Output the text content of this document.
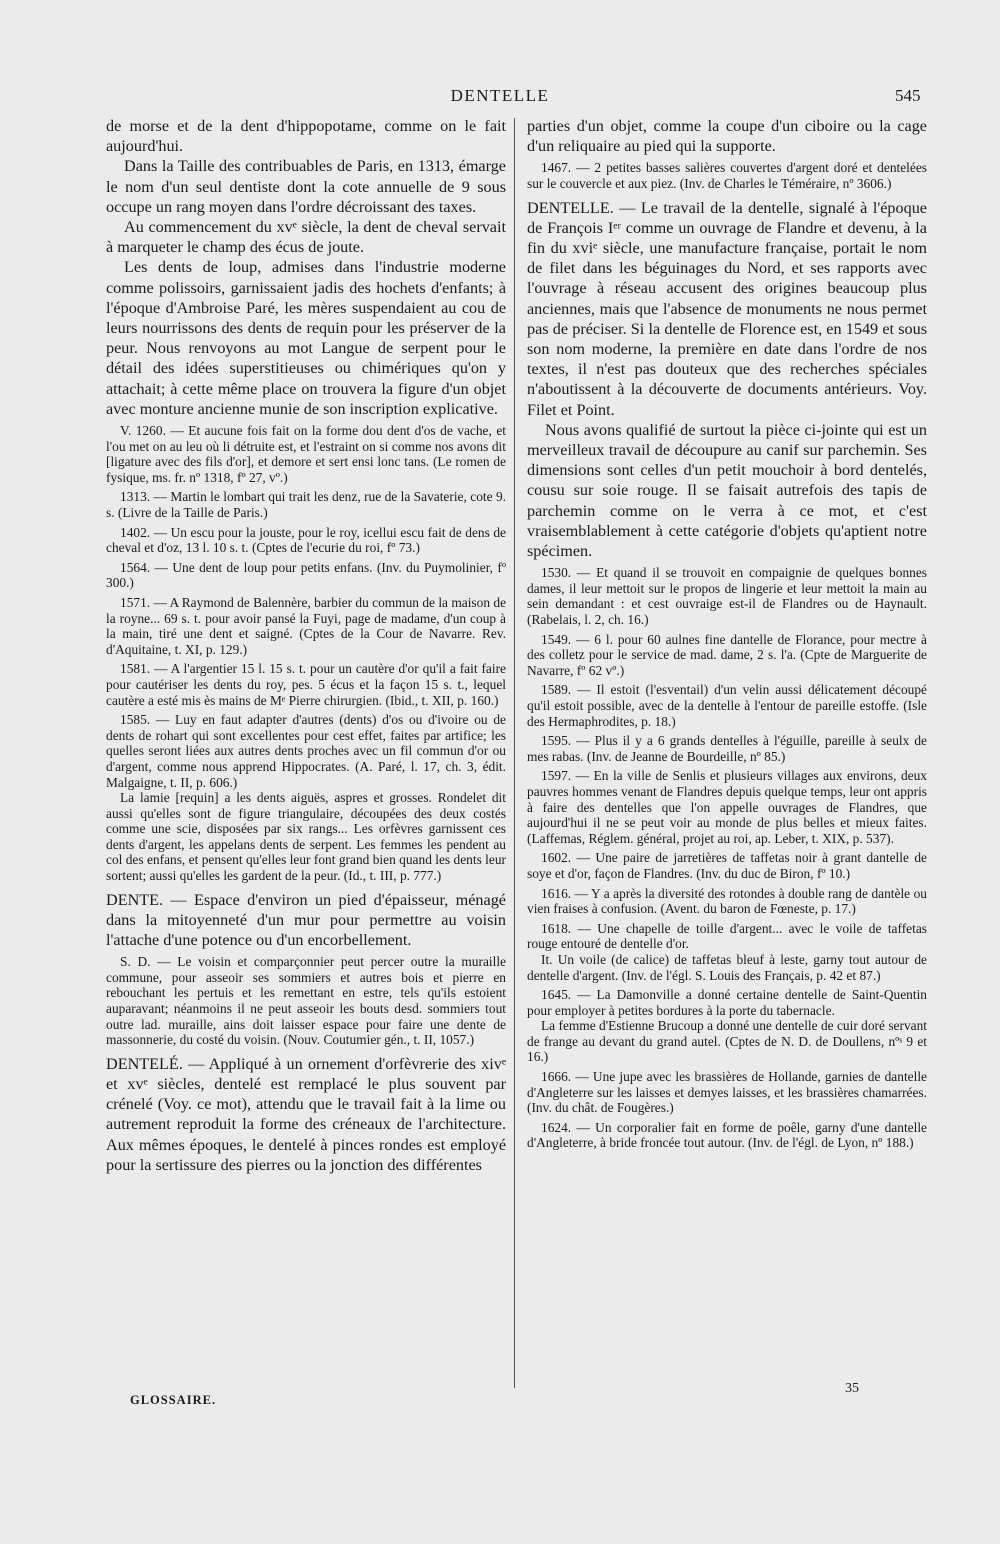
DENTELLE	545

de morse et de la dent d'hippopotame, comme on le fait aujourd'hui.

Dans la Taille des contribuables de Paris, en 1313, émarge le nom d'un seul dentiste dont la cote annuelle de 9 sous occupe un rang moyen dans l'ordre décroissant des taxes.

Au commencement du xvᵉ siècle, la dent de cheval servait à marqueter le champ des écus de joute.

Les dents de loup, admises dans l'industrie moderne comme polissoirs, garnissaient jadis des hochets d'enfants; à l'époque d'Ambroise Paré, les mères suspendaient au cou de leurs nourrissons des dents de requin pour les préserver de la peur. Nous renvoyons au mot Langue de serpent pour le détail des idées superstitieuses ou chimériques qu'on y attachait; à cette même place on trouvera la figure d'un objet avec monture ancienne munie de son inscription explicative.

V. 1260. — Et aucune fois fait on la forme dou dent d'os de vache, et l'ou met on au leu où li détruite est, et l'estraint on si comme nos avons dit [ligature avec des fils d'or], et demore et sert ensi lonc tans. (Le romen de fysique, ms. fr. nº 1318, fº 27, vº.)

1313. — Martin le lombart qui trait les denz, rue de la Savaterie, cote 9. s. (Livre de la Taille de Paris.)

1402. — Un escu pour la jouste, pour le roy, icellui escu fait de dens de cheval et d'oz, 13 l. 10 s. t. (Cptes de l'ecurie du roi, fº 73.)

1564. — Une dent de loup pour petits enfans. (Inv. du Puymolinier, fº 300.)

1571. — A Raymond de Balennère, barbier du commun de la maison de la royne... 69 s. t. pour avoir pansé la Fuyi, page de madame, d'un coup à la main, tiré une dent et saigné. (Cptes de la Cour de Navarre. Rev. d'Aquitaine, t. XI, p. 129.)

1581. — A l'argentier 15 l. 15 s. t. pour un cautère d'or qu'il a fait faire pour cautériser les dents du roy, pes. 5 écus et la façon 15 s. t., lequel cautère a esté mis ès mains de Mᵉ Pierre chirurgien. (Ibid., t. XII, p. 160.)

1585. — Luy en faut adapter d'autres (dents) d'os ou d'ivoire ou de dents de rohart qui sont excellentes pour cest effet, faites par artifice; les quelles seront liées aux autres dents proches avec un fil commun d'or ou d'argent, comme nous apprend Hippocrates. (A. Paré, l. 17, ch. 3, édit. Malgaigne, t. II, p. 606.)

La lamie [requin] a les dents aiguës, aspres et grosses. Rondelet dit aussi qu'elles sont de figure triangulaire, découpées des deux costés comme une scie, disposées par six rangs... Les orfèvres garnissent ces dents d'argent, les appelans dents de serpent. Les femmes les pendent au col des enfans, et pensent qu'elles leur font grand bien quand les dents leur sortent; aussi qu'elles les gardent de la peur. (Id., t. III, p. 777.)

DENTE. — Espace d'environ un pied d'épaisseur, ménagé dans la mitoyenneté d'un mur pour permettre au voisin l'attache d'une potence ou d'un encorbellement.

S. D. — Le voisin et comparçonnier peut percer outre la muraille commune, pour asseoir ses sommiers et autres bois et pierre en rebouchant les pertuis et les remettant en estre, tels qu'ils estoient auparavant; néanmoins il ne peut asseoir les bouts desd. sommiers tout outre lad. muraille, ains doit laisser espace pour faire une dente de massonnerie, du costé du voisin. (Nouv. Coutumier gén., t. II, 1057.)

DENTELÉ. — Appliqué à un ornement d'orfèvrerie des xivᵉ et xvᵉ siècles, dentelé est remplacé le plus souvent par crénelé (Voy. ce mot), attendu que le travail fait à la lime ou autrement reproduit la forme des créneaux de l'architecture. Aux mêmes époques, le dentelé à pinces rondes est employé pour la sertissure des pierres ou la jonction des différentes

parties d'un objet, comme la coupe d'un ciboire ou la cage d'un reliquaire au pied qui la supporte.

1467. — 2 petites basses salières couvertes d'argent doré et dentelées sur le couvercle et aux piez. (Inv. de Charles le Téméraire, nº 3606.)

DENTELLE. — Le travail de la dentelle, signalé à l'époque de François Iᵉʳ comme un ouvrage de Flandre et devenu, à la fin du xviᵉ siècle, une manufacture française, portait le nom de filet dans les béguinages du Nord, et ses rapports avec l'ouvrage à réseau accusent des origines beaucoup plus anciennes, mais que l'absence de monuments ne nous permet pas de préciser. Si la dentelle de Florence est, en 1549 et sous son nom moderne, la première en date dans l'ordre de nos textes, il n'est pas douteux que des recherches spéciales n'aboutissent à la découverte de documents antérieurs. Voy. Filet et Point.

Nous avons qualifié de surtout la pièce ci-jointe qui est un merveilleux travail de découpure au canif sur parchemin. Ses dimensions sont celles d'un petit mouchoir à bord dentelés, cousu sur soie rouge. Il se faisait autrefois des tapis de parchemin comme on le verra à ce mot, et c'est vraisemblablement à cette catégorie d'objets qu'aptient notre spécimen.

1530. — Et quand il se trouvoit en compaignie de quelques bonnes dames, il leur mettoit sur le propos de lingerie et leur mettoit la main au sein demandant : et cest ouvraige est-il de Flandres ou de Haynault. (Rabelais, l. 2, ch. 16.)

1549. — 6 l. pour 60 aulnes fine dantelle de Florance, pour mectre à des colletz pour le service de mad. dame, 2 s. l'a. (Cpte de Marguerite de Navarre, fº 62 vº.)

1589. — Il estoit (l'esventail) d'un velin aussi délicatement découpé qu'il estoit possible, avec de la dentelle à l'entour de pareille estoffe. (Isle des Hermaphrodites, p. 18.)

1595. — Plus il y a 6 grands dentelles à l'éguille, pareille à seulx de mes rabas. (Inv. de Jeanne de Bourdeille, nº 85.)

1597. — En la ville de Senlis et plusieurs villages aux environs, deux pauvres hommes venant de Flandres depuis quelque temps, leur ont appris à faire des dentelles que l'on appelle ouvrages de Flandres, que aujourd'hui il ne se peut voir au monde de plus belles et mieux faites. (Laffemas, Réglem. général, projet au roi, ap. Leber, t. XIX, p. 537).

1602. — Une paire de jarretières de taffetas noir à grant dantelle de soye et d'or, façon de Flandres. (Inv. du duc de Biron, fº 10.)

1616. — Y a après la diversité des rotondes à double rang de dantèle ou vien fraises à confusion. (Avent. du baron de Fœneste, p. 17.)

1618. — Une chapelle de toille d'argent... avec le voile de taffetas rouge entouré de dentelle d'or.

It. Un voile (de calice) de taffetas bleuf à leste, garny tout autour de dentelle d'argent. (Inv. de l'égl. S. Louis des Français, p. 42 et 87.)

1645. — La Damonville a donné certaine dentelle de Saint-Quentin pour employer à petites bordures à la porte du tabernacle.

La femme d'Estienne Brucoup a donné une dentelle de cuir doré servant de frange au devant du grand autel. (Cptes de N. D. de Doullens, nºˢ 9 et 16.)

1666. — Une jupe avec les brassières de Hollande, garnies de dantelle d'Angleterre sur les laisses et demyes laisses, et les brassières chamarrées. (Inv. du chât. de Fougères.)

1624. — Un corporalier fait en forme de poêle, garny d'une dantelle d'Angleterre, à bride froncée tout autour. (Inv. de l'égl. de Lyon, nº 188.)

GLOSSAIRE.
35
